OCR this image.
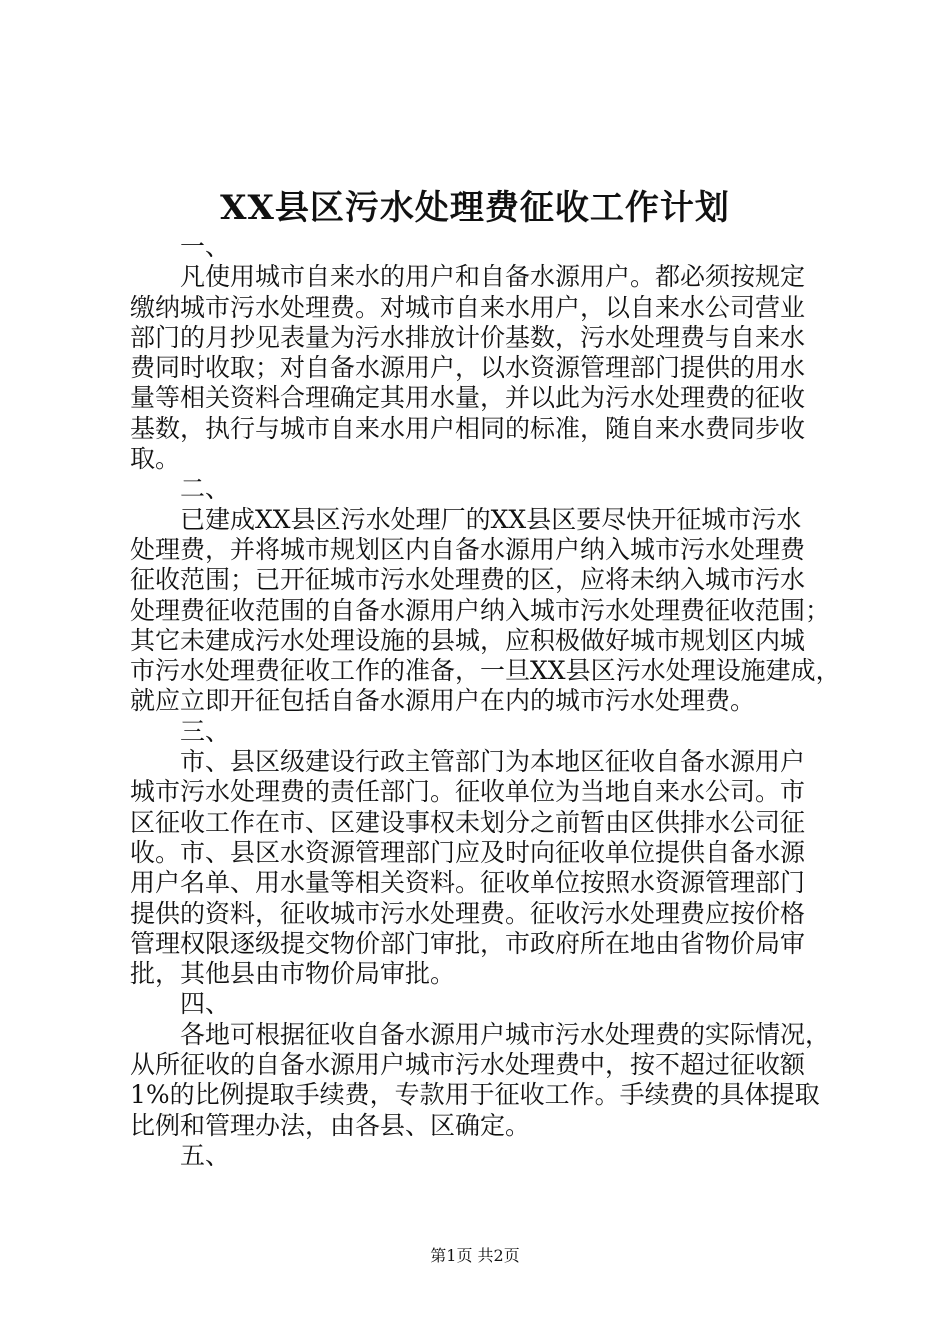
XX县区污水处理费征收工作计划

一、

　　凡使用城市自来水的用户和自备水源用户。都必须按规定

缴纳城市污水处理费。对城市自来水用户，以自来水公司营业

部门的月抄见表量为污水排放计价基数，污水处理费与自来水

费同时收取；对自备水源用户，以水资源管理部门提供的用水

量等相关资料合理确定其用水量，并以此为污水处理费的征收

基数，执行与城市自来水用户相同的标准，随自来水费同步收

取。

二、

　　已建成XX县区污水处理厂的XX县区要尽快开征城市污水

处理费，并将城市规划区内自备水源用户纳入城市污水处理费

征收范围；已开征城市污水处理费的区，应将未纳入城市污水

处理费征收范围的自备水源用户纳入城市污水处理费征收范围；

其它未建成污水处理设施的县城，应积极做好城市规划区内城

市污水处理费征收工作的准备，一旦XX县区污水处理设施建成，

就应立即开征包括自备水源用户在内的城市污水处理费。

三、

　　市、县区级建设行政主管部门为本地区征收自备水源用户

城市污水处理费的责任部门。征收单位为当地自来水公司。市

区征收工作在市、区建设事权未划分之前暂由区供排水公司征

收。市、县区水资源管理部门应及时向征收单位提供自备水源

用户名单、用水量等相关资料。征收单位按照水资源管理部门

提供的资料，征收城市污水处理费。征收污水处理费应按价格

管理权限逐级提交物价部门审批，市政府所在地由省物价局审

批，其他县由市物价局审批。

四、

　　各地可根据征收自备水源用户城市污水处理费的实际情况，

从所征收的自备水源用户城市污水处理费中，按不超过征收额

1%的比例提取手续费，专款用于征收工作。手续费的具体提取

比例和管理办法，由各县、区确定。

五、

第1页 共2页
